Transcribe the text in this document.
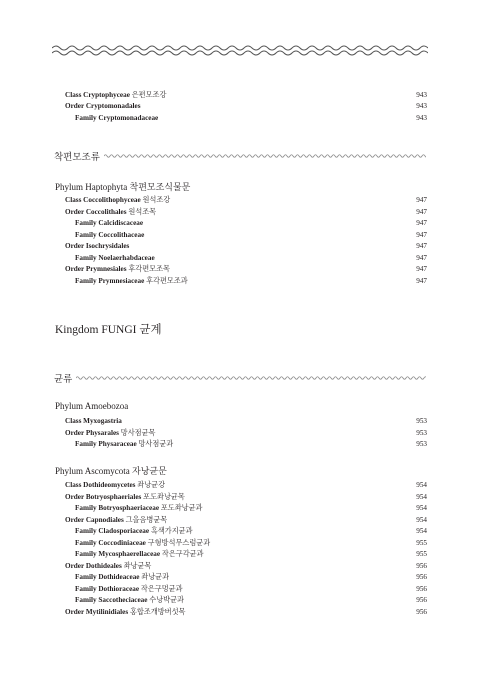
Class Cryptophyceae 은편모조강	943
Order Cryptomonadales	943
Family Cryptomonadaceae	943
착편모조류
Phylum Haptophyta 착편모조식물문
Class Coccolithophyceae 원석조강	947
Order Coccolithales 원석조목	947
Family Calcidiscaceae	947
Family Coccolithaceae	947
Order Isochrysidales	947
Family Noelaerhabdaceae	947
Order Prymnesiales 후각편모조목	947
Family Prymnesiaceae 후각편모조과	947
Kingdom FUNGI 균계
균류
Phylum Amoebozoa
Class Myxogastria	953
Order Physarales 망사점균목	953
Family Physaraceae 망사점균과	953
Phylum Ascomycota 자낭균문
Class Dothideomycetes 좌낭균강	954
Order Botryosphaeriales 포도좌낭균목	954
Family Botryosphaeriaceae 포도좌낭균과	954
Order Capnodiales 그을음병균목	954
Family Cladosporiaceae 흑색가지균과	954
Family Coccodiniaceae 구형방석무스럼균과	955
Family Mycosphaerellaceae 작은구각균과	955
Order Dothideales 좌낭균목	956
Family Dothideaceae 좌낭균과	956
Family Dothioraceae 작은구멍균과	956
Family Saccotheciaceae 수낭박균과	956
Order Mytilinidiales 홍합조개방버섯목	956
